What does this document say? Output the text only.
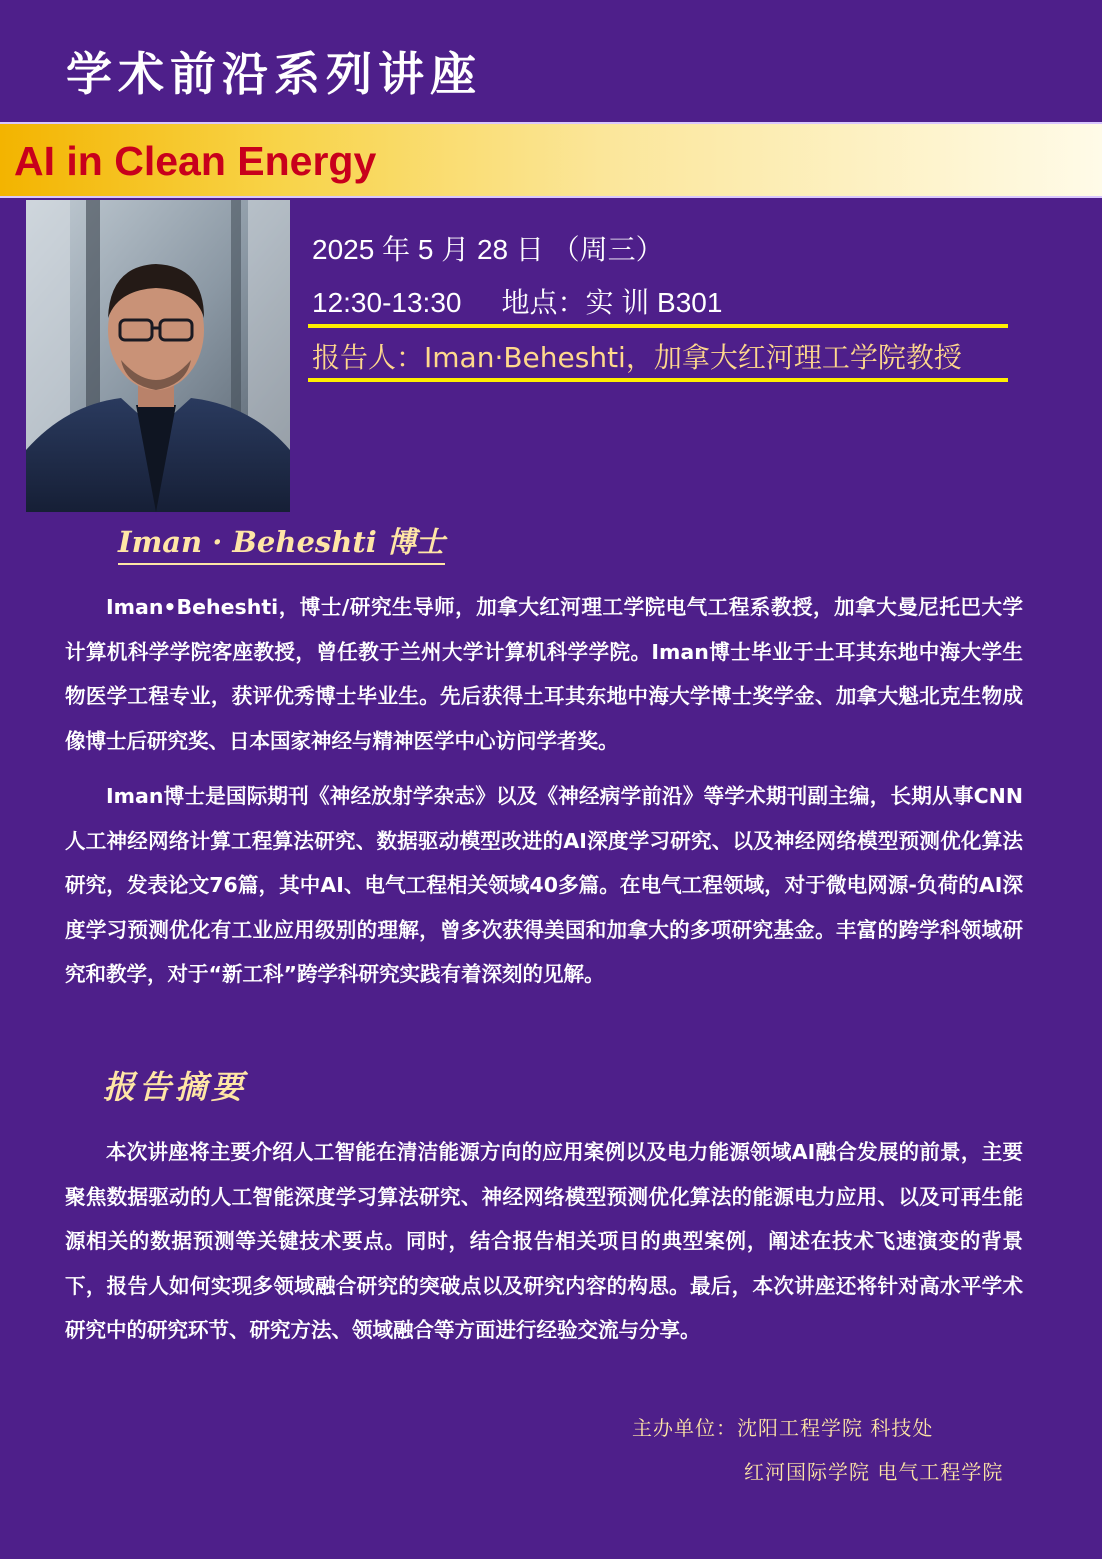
学术前沿系列讲座
AI in Clean Energy
2025 年 5 月 28 日 （周三）
12:30-13:30 地点：实 训 B301
报告人：Iman·Beheshti，加拿大红河理工学院教授
Iman · Beheshti 博士

Iman•Beheshti，博士/研究生导师，加拿大红河理工学院电气工程系教授，加拿大曼尼托巴大学计算机科学学院客座教授，曾任教于兰州大学计算机科学学院。Iman博士毕业于土耳其东地中海大学生物医学工程专业，获评优秀博士毕业生。先后获得土耳其东地中海大学博士奖学金、加拿大魁北克生物成像博士后研究奖、日本国家神经与精神医学中心访问学者奖。

Iman博士是国际期刊《神经放射学杂志》以及《神经病学前沿》等学术期刊副主编，长期从事CNN人工神经网络计算工程算法研究、数据驱动模型改进的AI深度学习研究、以及神经网络模型预测优化算法研究，发表论文76篇，其中AI、电气工程相关领域40多篇。在电气工程领域，对于微电网源-负荷的AI深度学习预测优化有工业应用级别的理解，曾多次获得美国和加拿大的多项研究基金。丰富的跨学科领域研究和教学，对于“新工科”跨学科研究实践有着深刻的见解。

报告摘要

本次讲座将主要介绍人工智能在清洁能源方向的应用案例以及电力能源领域AI融合发展的前景，主要聚焦数据驱动的人工智能深度学习算法研究、神经网络模型预测优化算法的能源电力应用、以及可再生能源相关的数据预测等关键技术要点。同时，结合报告相关项目的典型案例，阐述在技术飞速演变的背景下，报告人如何实现多领域融合研究的突破点以及研究内容的构思。最后，本次讲座还将针对高水平学术研究中的研究环节、研究方法、领域融合等方面进行经验交流与分享。

主办单位：沈阳工程学院 科技处
红河国际学院 电气工程学院
